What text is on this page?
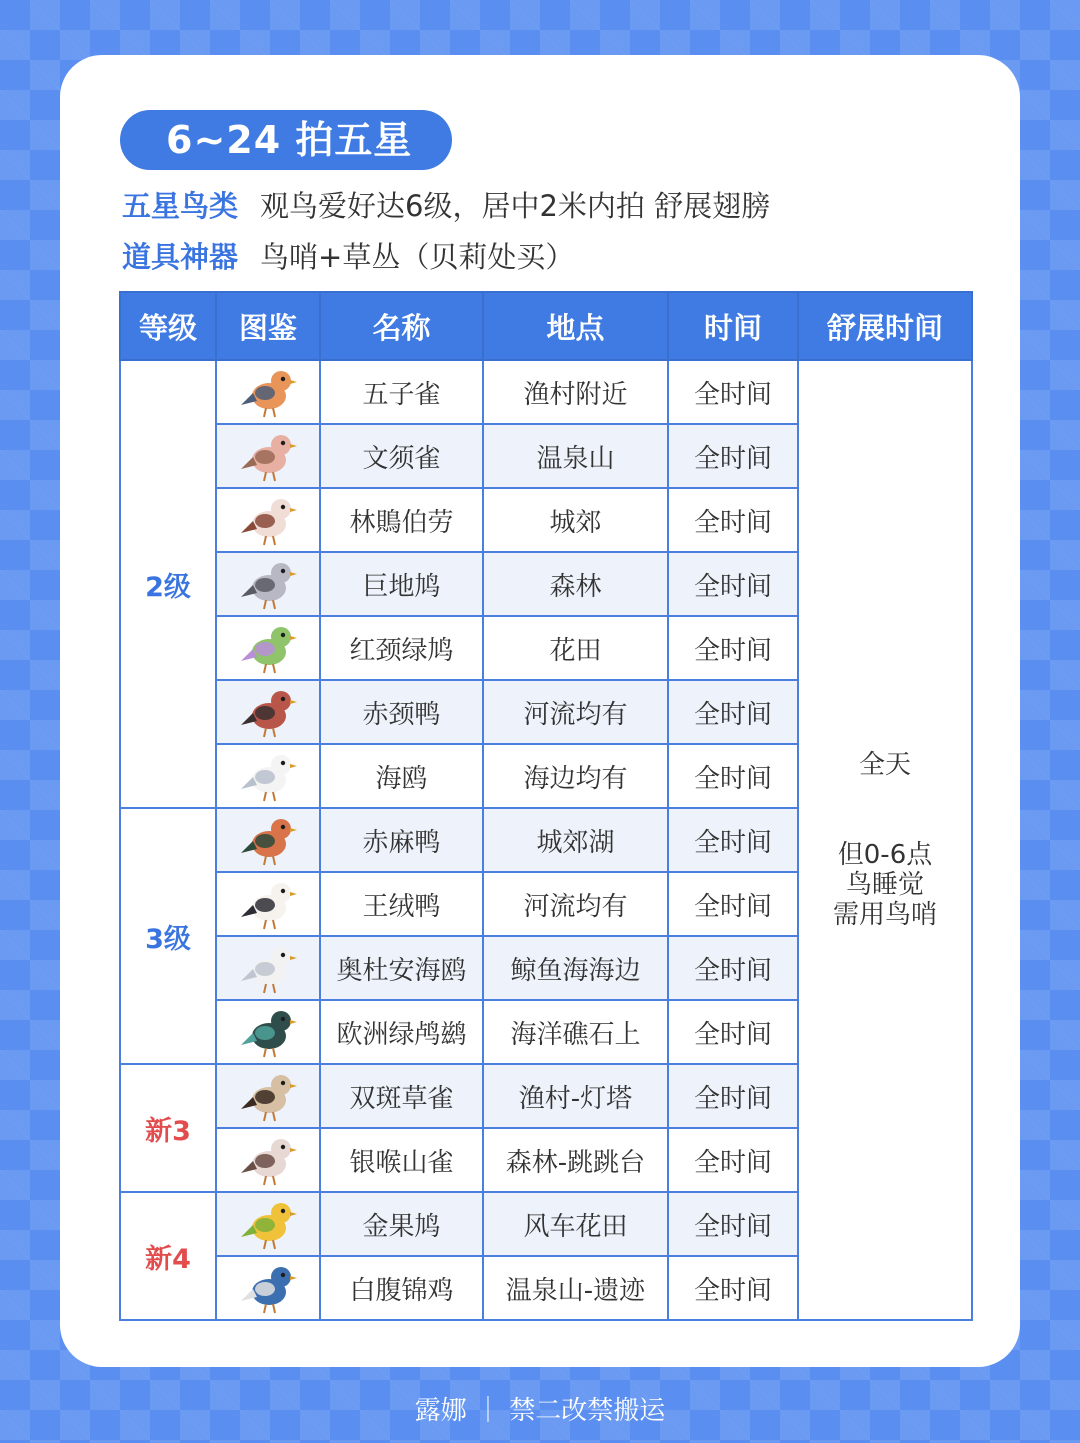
6~24 拍五星
五星鸟类 观鸟爱好达6级，居中2米内拍 舒展翅膀
道具神器 鸟哨+草丛（贝莉处买）
等级	图鉴	名称	地点	时间	舒展时间
2级		五子雀	渔村附近	全时间	全天
但0-6点
鸟睡觉
需用鸟哨

	文须雀	温泉山	全时间	

	林鵙伯劳	城郊	全时间	

	巨地鸠	森林	全时间	

	红颈绿鸠	花田	全时间	

	赤颈鸭	河流均有	全时间	

	海鸥	海边均有	全时间	
3级		赤麻鸭	城郊湖	全时间	

	王绒鸭	河流均有	全时间	

	奥杜安海鸥	鲸鱼海海边	全时间	

	欧洲绿鸬鹚	海洋礁石上	全时间	
新3		双斑草雀	渔村-灯塔	全时间	

	银喉山雀	森林-跳跳台	全时间	
新4		金果鸠	风车花田	全时间	

	白腹锦鸡	温泉山-遗迹	全时间	
露娜 ｜ 禁二改禁搬运
